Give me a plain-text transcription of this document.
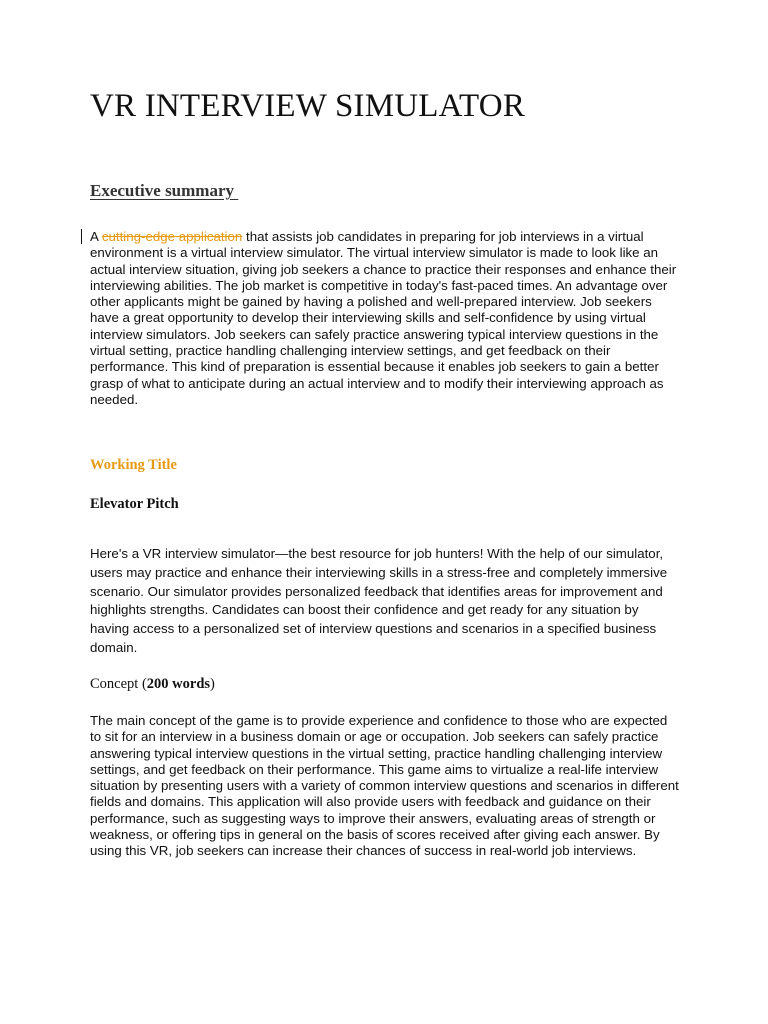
VR INTERVIEW SIMULATOR
Executive summary

A cutting-edge application that assists job candidates in preparing for job interviews in a virtual environment is a virtual interview simulator. The virtual interview simulator is made to look like an actual interview situation, giving job seekers a chance to practice their responses and enhance their interviewing abilities. The job market is competitive in today's fast-paced times. An advantage over other applicants might be gained by having a polished and well-prepared interview. Job seekers have a great opportunity to develop their interviewing skills and self-confidence by using virtual interview simulators. Job seekers can safely practice answering typical interview questions in the virtual setting, practice handling challenging interview settings, and get feedback on their performance. This kind of preparation is essential because it enables job seekers to gain a better grasp of what to anticipate during an actual interview and to modify their interviewing approach as needed.

Working Title
Elevator Pitch

Here's a VR interview simulator—the best resource for job hunters! With the help of our simulator, users may practice and enhance their interviewing skills in a stress-free and completely immersive scenario. Our simulator provides personalized feedback that identifies areas for improvement and highlights strengths. Candidates can boost their confidence and get ready for any situation by having access to a personalized set of interview questions and scenarios in a specified business domain.

Concept (200 words)

The main concept of the game is to provide experience and confidence to those who are expected to sit for an interview in a business domain or age or occupation. Job seekers can safely practice answering typical interview questions in the virtual setting, practice handling challenging interview settings, and get feedback on their performance. This game aims to virtualize a real-life interview situation by presenting users with a variety of common interview questions and scenarios in different fields and domains. This application will also provide users with feedback and guidance on their performance, such as suggesting ways to improve their answers, evaluating areas of strength or weakness, or offering tips in general on the basis of scores received after giving each answer. By using this VR, job seekers can increase their chances of success in real-world job interviews.
